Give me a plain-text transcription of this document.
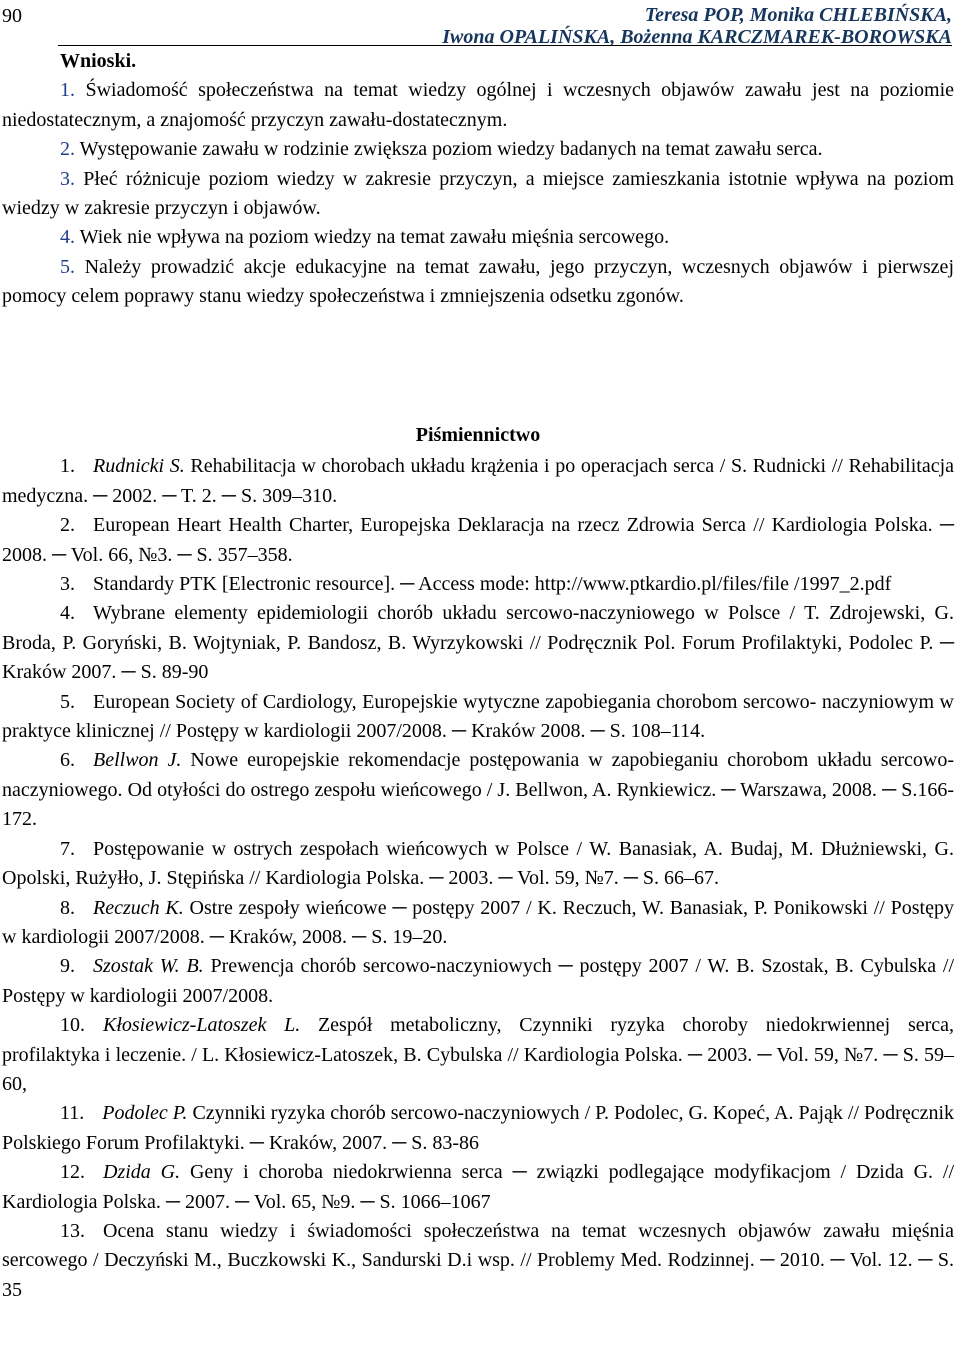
90	Teresa POP, Monika CHLEBIŃSKA,
Iwona OPALIŃSKA, Bożenna KARCZMAREK-BOROWSKA
Wnioski.
1. Świadomość społeczeństwa na temat wiedzy ogólnej i wczesnych objawów zawału jest na poziomie niedostatecznym, a znajomość przyczyn zawału-dostatecznym.
2. Występowanie zawału w rodzinie zwiększa poziom wiedzy badanych na temat zawału serca.
3. Płeć różnicuje poziom wiedzy w zakresie przyczyn, a miejsce zamieszkania istotnie wpływa na poziom wiedzy w zakresie przyczyn i objawów.
4. Wiek nie wpływa na poziom wiedzy na temat zawału mięśnia sercowego.
5. Należy prowadzić akcje edukacyjne na temat zawału, jego przyczyn, wczesnych objawów i pierwszej pomocy celem poprawy stanu wiedzy społeczeństwa i zmniejszenia odsetku zgonów.
Piśmiennictwo
1. Rudnicki S. Rehabilitacja w chorobach układu krążenia i po operacjach serca / S. Rudnicki // Rehabilitacja medyczna. ─ 2002. ─ T. 2. ─ S. 309–310.
2. European Heart Health Charter, Europejska Deklaracja na rzecz Zdrowia Serca // Kardiologia Polska. ─ 2008. ─ Vol. 66, №3. ─ S. 357–358.
3. Standardy PTK [Electronic resource]. ─ Access mode: http://www.ptkardio.pl/files/file /1997_2.pdf
4. Wybrane elementy epidemiologii chorób układu sercowo-naczyniowego w Polsce / T. Zdrojewski, G. Broda, P. Goryński, B. Wojtyniak, P. Bandosz, B. Wyrzykowski // Podręcznik Pol. Forum Profilaktyki, Podolec P. ─ Kraków 2007. ─ S. 89-90
5. European Society of Cardiology, Europejskie wytyczne zapobiegania chorobom sercowo- naczyniowym w praktyce klinicznej // Postępy w kardiologii 2007/2008. ─ Kraków 2008. ─ S. 108–114.
6. Bellwon J. Nowe europejskie rekomendacje postępowania w zapobieganiu chorobom układu sercowo-naczyniowego. Od otyłości do ostrego zespołu wieńcowego / J. Bellwon, A. Rynkiewicz. ─ Warszawa, 2008. ─ S.166-172.
7. Postępowanie w ostrych zespołach wieńcowych w Polsce / W. Banasiak, A. Budaj, M. Dłużniewski, G. Opolski, Rużyłło, J. Stępińska // Kardiologia Polska. ─ 2003. ─ Vol. 59, №7. ─ S. 66–67.
8. Reczuch K. Ostre zespoły wieńcowe ─ postępy 2007 / K. Reczuch, W. Banasiak, P. Ponikowski // Postępy w kardiologii 2007/2008. ─ Kraków, 2008. ─ S. 19–20.
9. Szostak W. B. Prewencja chorób sercowo-naczyniowych ─ postępy 2007 / W. B. Szostak, B. Cybulska // Postępy w kardiologii 2007/2008.
10. Kłosiewicz-Latoszek L. Zespół metaboliczny, Czynniki ryzyka choroby niedokrwiennej serca, profilaktyka i leczenie. / L. Kłosiewicz-Latoszek, B. Cybulska // Kardiologia Polska. ─ 2003. ─ Vol. 59, №7. ─ S. 59–60,
11. Podolec P. Czynniki ryzyka chorób sercowo-naczyniowych / P. Podolec, G. Kopeć, A. Pająk // Podręcznik Polskiego Forum Profilaktyki. ─ Kraków, 2007. ─ S. 83-86
12. Dzida G. Geny i choroba niedokrwienna serca ─ związki podlegające modyfikacjom / Dzida G. // Kardiologia Polska. ─ 2007. ─ Vol. 65, №9. ─ S. 1066–1067
13. Ocena stanu wiedzy i świadomości społeczeństwa na temat wczesnych objawów zawału mięśnia sercowego / Deczyński M., Buczkowski K., Sandurski D.i wsp. // Problemy Med. Rodzinnej. ─ 2010. ─ Vol. 12. ─ S. 35
